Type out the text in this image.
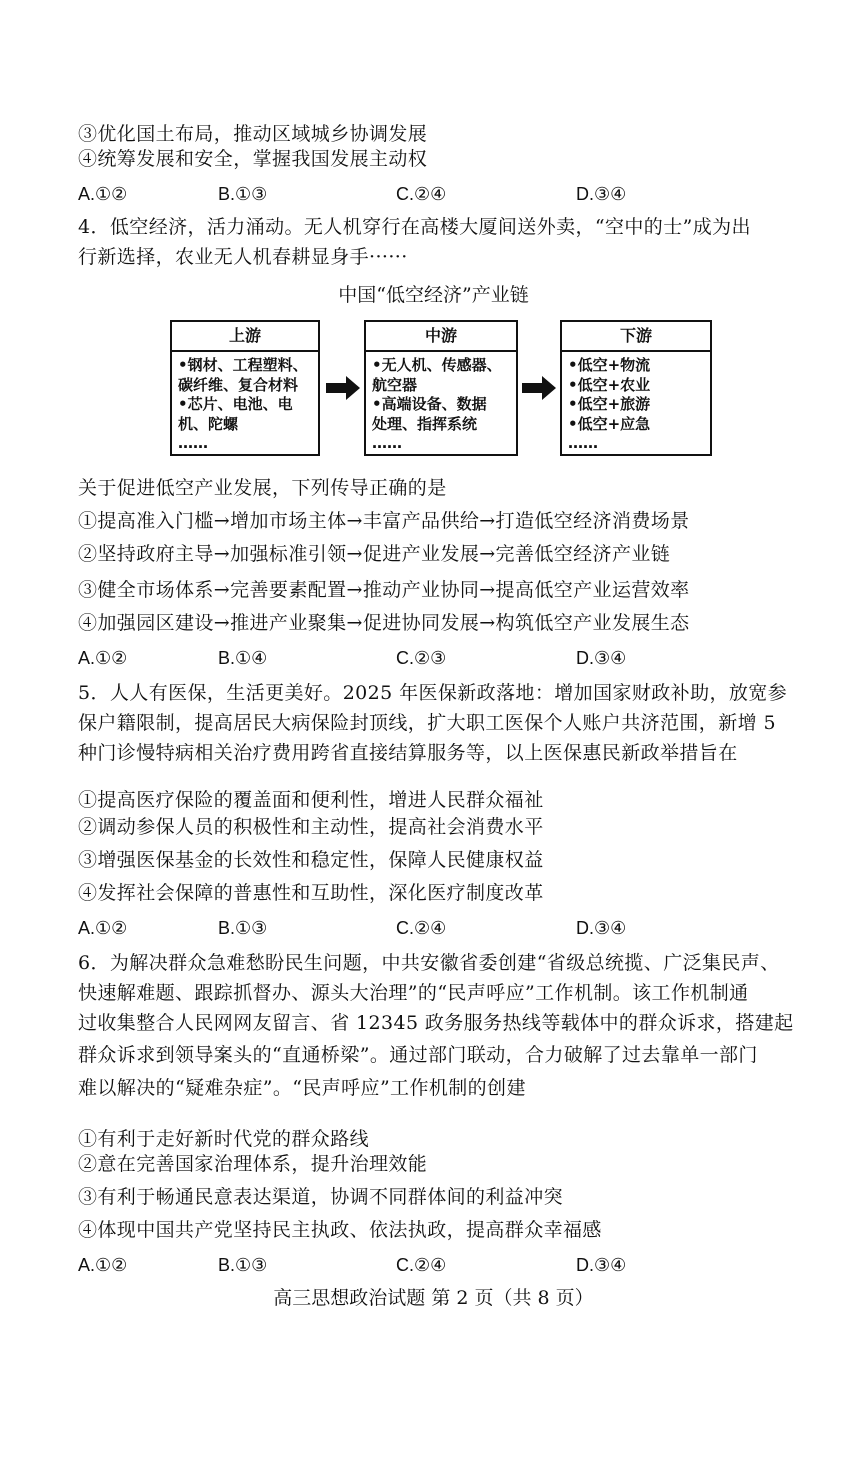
③优化国土布局，推动区域城乡协调发展
④统筹发展和安全，掌握我国发展主动权
A.①②	B.①③	C.②④	D.③④
4．低空经济，活力涌动。无人机穿行在高楼大厦间送外卖，“空中的士”成为出
行新选择，农业无人机春耕显身手······
中国“低空经济”产业链
上游
•钢材、工程塑料、
碳纤维、复合材料
•芯片、电池、电
机、陀螺
……
中游
•无人机、传感器、
航空器
•高端设备、数据
处理、指挥系统
……
下游
•低空+物流
•低空+农业
•低空+旅游
•低空+应急
……
关于促进低空产业发展，下列传导正确的是
①提高准入门槛→增加市场主体→丰富产品供给→打造低空经济消费场景
②坚持政府主导→加强标准引领→促进产业发展→完善低空经济产业链
③健全市场体系→完善要素配置→推动产业协同→提高低空产业运营效率
④加强园区建设→推进产业聚集→促进协同发展→构筑低空产业发展生态
A.①②	B.①④	C.②③	D.③④
5．人人有医保，生活更美好。2025 年医保新政落地：增加国家财政补助，放宽参
保户籍限制，提高居民大病保险封顶线，扩大职工医保个人账户共济范围，新增 5
种门诊慢特病相关治疗费用跨省直接结算服务等，以上医保惠民新政举措旨在
①提高医疗保险的覆盖面和便利性，增进人民群众福祉
②调动参保人员的积极性和主动性，提高社会消费水平
③增强医保基金的长效性和稳定性，保障人民健康权益
④发挥社会保障的普惠性和互助性，深化医疗制度改革
A.①②	B.①③	C.②④	D.③④
6．为解决群众急难愁盼民生问题，中共安徽省委创建“省级总统揽、广泛集民声、
快速解难题、跟踪抓督办、源头大治理”的“民声呼应”工作机制。该工作机制通
过收集整合人民网网友留言、省 12345 政务服务热线等载体中的群众诉求，搭建起
群众诉求到领导案头的“直通桥梁”。通过部门联动，合力破解了过去靠单一部门
难以解决的“疑难杂症”。“民声呼应”工作机制的创建
①有利于走好新时代党的群众路线
②意在完善国家治理体系，提升治理效能
③有利于畅通民意表达渠道，协调不同群体间的利益冲突
④体现中国共产党坚持民主执政、依法执政，提高群众幸福感
A.①②	B.①③	C.②④	D.③④
高三思想政治试题 第 2 页（共 8 页）
